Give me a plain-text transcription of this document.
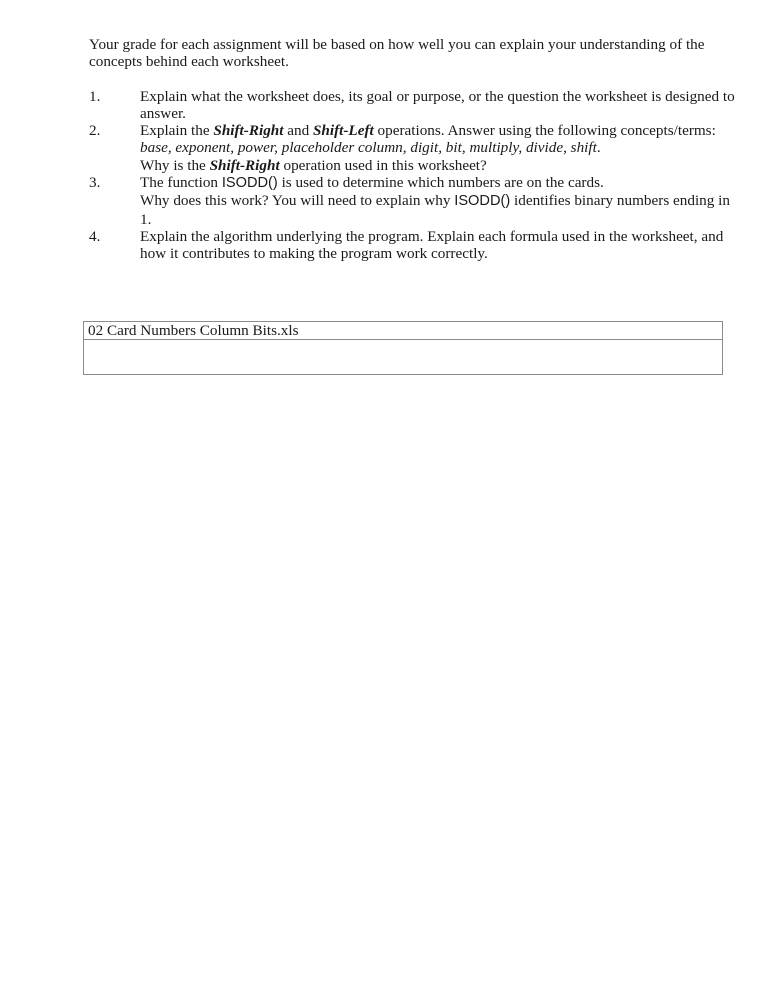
Your grade for each assignment will be based on how well you can explain your understanding of the concepts behind each worksheet.

1.	Explain what the worksheet does, its goal or purpose, or the question the worksheet is designed to answer.
2.	Explain the Shift-Right and Shift-Left operations. Answer using the following concepts/terms: base, exponent, power, placeholder column, digit, bit, multiply, divide, shift.
Why is the Shift-Right operation used in this worksheet?
3.	The function ISODD() is used to determine which numbers are on the cards.
Why does this work? You will need to explain why ISODD() identifies binary numbers ending in 1.
4.	Explain the algorithm underlying the program. Explain each formula used in the worksheet, and how it contributes to making the program work correctly.
02 Card Numbers Column Bits.xls
